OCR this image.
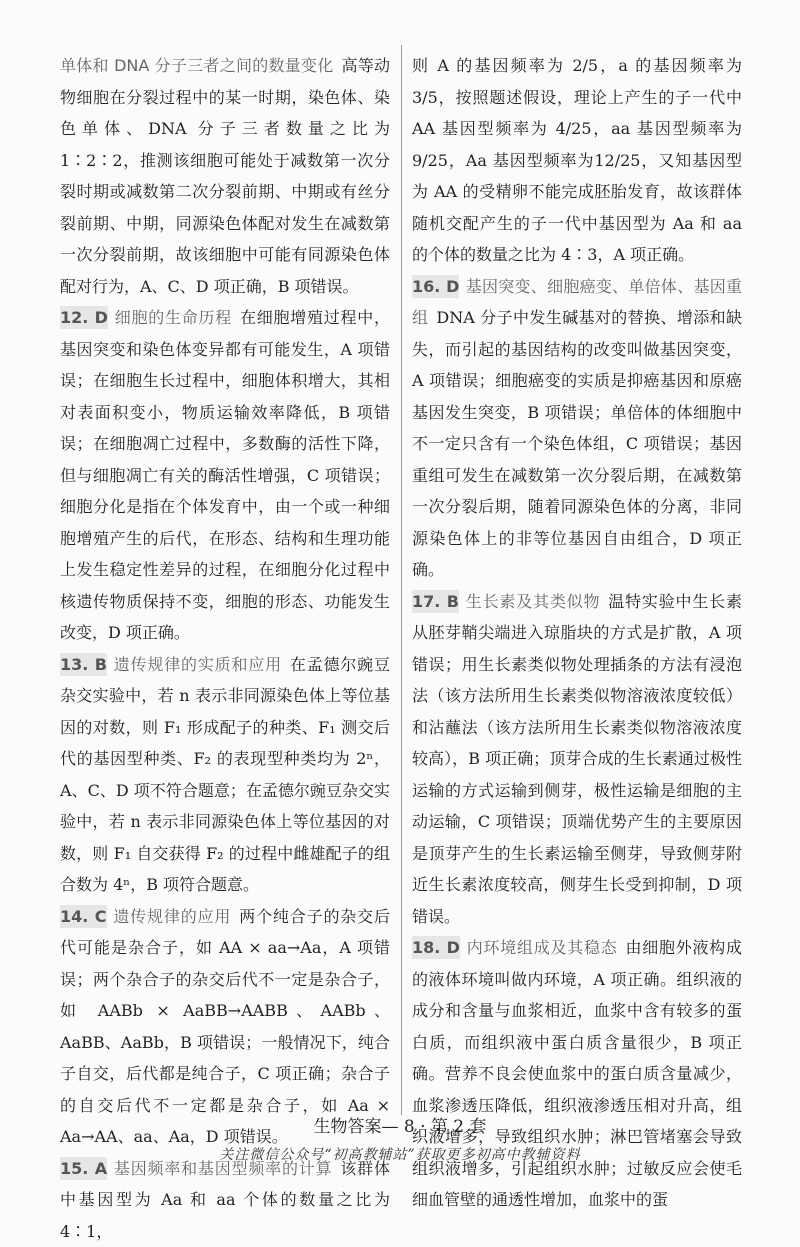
单体和 DNA 分子三者之间的数量变化 高等动物细胞在分裂过程中的某一时期，染色体、染色单体、DNA 分子三者数量之比为 1∶2∶2，推测该细胞可能处于减数第一次分裂时期或减数第二次分裂前期、中期或有丝分裂前期、中期，同源染色体配对发生在减数第一次分裂前期，故该细胞中可能有同源染色体配对行为，A、C、D 项正确，B 项错误。

12. D 细胞的生命历程 在细胞增殖过程中，基因突变和染色体变异都有可能发生，A 项错误；在细胞生长过程中，细胞体积增大，其相对表面积变小，物质运输效率降低，B 项错误；在细胞凋亡过程中，多数酶的活性下降，但与细胞凋亡有关的酶活性增强，C 项错误；细胞分化是指在个体发育中，由一个或一种细胞增殖产生的后代，在形态、结构和生理功能上发生稳定性差异的过程，在细胞分化过程中核遗传物质保持不变，细胞的形态、功能发生改变，D 项正确。

13. B 遗传规律的实质和应用 在孟德尔豌豆杂交实验中，若 n 表示非同源染色体上等位基因的对数，则 F₁ 形成配子的种类、F₁ 测交后代的基因型种类、F₂ 的表现型种类均为 2ⁿ，A、C、D 项不符合题意；在孟德尔豌豆杂交实验中，若 n 表示非同源染色体上等位基因的对数，则 F₁ 自交获得 F₂ 的过程中雌雄配子的组合数为 4ⁿ，B 项符合题意。

14. C 遗传规律的应用 两个纯合子的杂交后代可能是杂合子，如 AA × aa→Aa，A 项错误；两个杂合子的杂交后代不一定是杂合子，如 AABb × AaBB→AABB、AABb、AaBB、AaBb，B 项错误；一般情况下，纯合子自交，后代都是纯合子，C 项正确；杂合子的自交后代不一定都是杂合子，如 Aa × Aa→AA、aa、Aa，D 项错误。

15. A 基因频率和基因型频率的计算 该群体中基因型为 Aa 和 aa 个体的数量之比为 4∶1，

则 A 的基因频率为 2/5，a 的基因频率为3/5，按照题述假设，理论上产生的子一代中 AA 基因型频率为 4/25，aa 基因型频率为 9/25，Aa 基因型频率为12/25，又知基因型为 AA 的受精卵不能完成胚胎发育，故该群体随机交配产生的子一代中基因型为 Aa 和 aa 的个体的数量之比为 4∶3，A 项正确。

16. D 基因突变、细胞癌变、单倍体、基因重组 DNA 分子中发生碱基对的替换、增添和缺失，而引起的基因结构的改变叫做基因突变，A 项错误；细胞癌变的实质是抑癌基因和原癌基因发生突变，B 项错误；单倍体的体细胞中不一定只含有一个染色体组，C 项错误；基因重组可发生在减数第一次分裂后期，在减数第一次分裂后期，随着同源染色体的分离，非同源染色体上的非等位基因自由组合，D 项正确。

17. B 生长素及其类似物 温特实验中生长素从胚芽鞘尖端进入琼脂块的方式是扩散，A 项错误；用生长素类似物处理插条的方法有浸泡法（该方法所用生长素类似物溶液浓度较低）和沾蘸法（该方法所用生长素类似物溶液浓度较高），B 项正确；顶芽合成的生长素通过极性运输的方式运输到侧芽，极性运输是细胞的主动运输，C 项错误；顶端优势产生的主要原因是顶芽产生的生长素运输至侧芽，导致侧芽附近生长素浓度较高，侧芽生长受到抑制，D 项错误。

18. D 内环境组成及其稳态 由细胞外液构成的液体环境叫做内环境，A 项正确。组织液的成分和含量与血浆相近，血浆中含有较多的蛋白质，而组织液中蛋白质含量很少，B 项正确。营养不良会使血浆中的蛋白质含量减少，血浆渗透压降低，组织液渗透压相对升高，组织液增多，导致组织水肿；淋巴管堵塞会导致组织液增多，引起组织水肿；过敏反应会使毛细血管壁的通透性增加，血浆中的蛋

生物答案— 8 · 第 2 套
关注微信公众号“初高教辅站”获取更多初高中教辅资料
